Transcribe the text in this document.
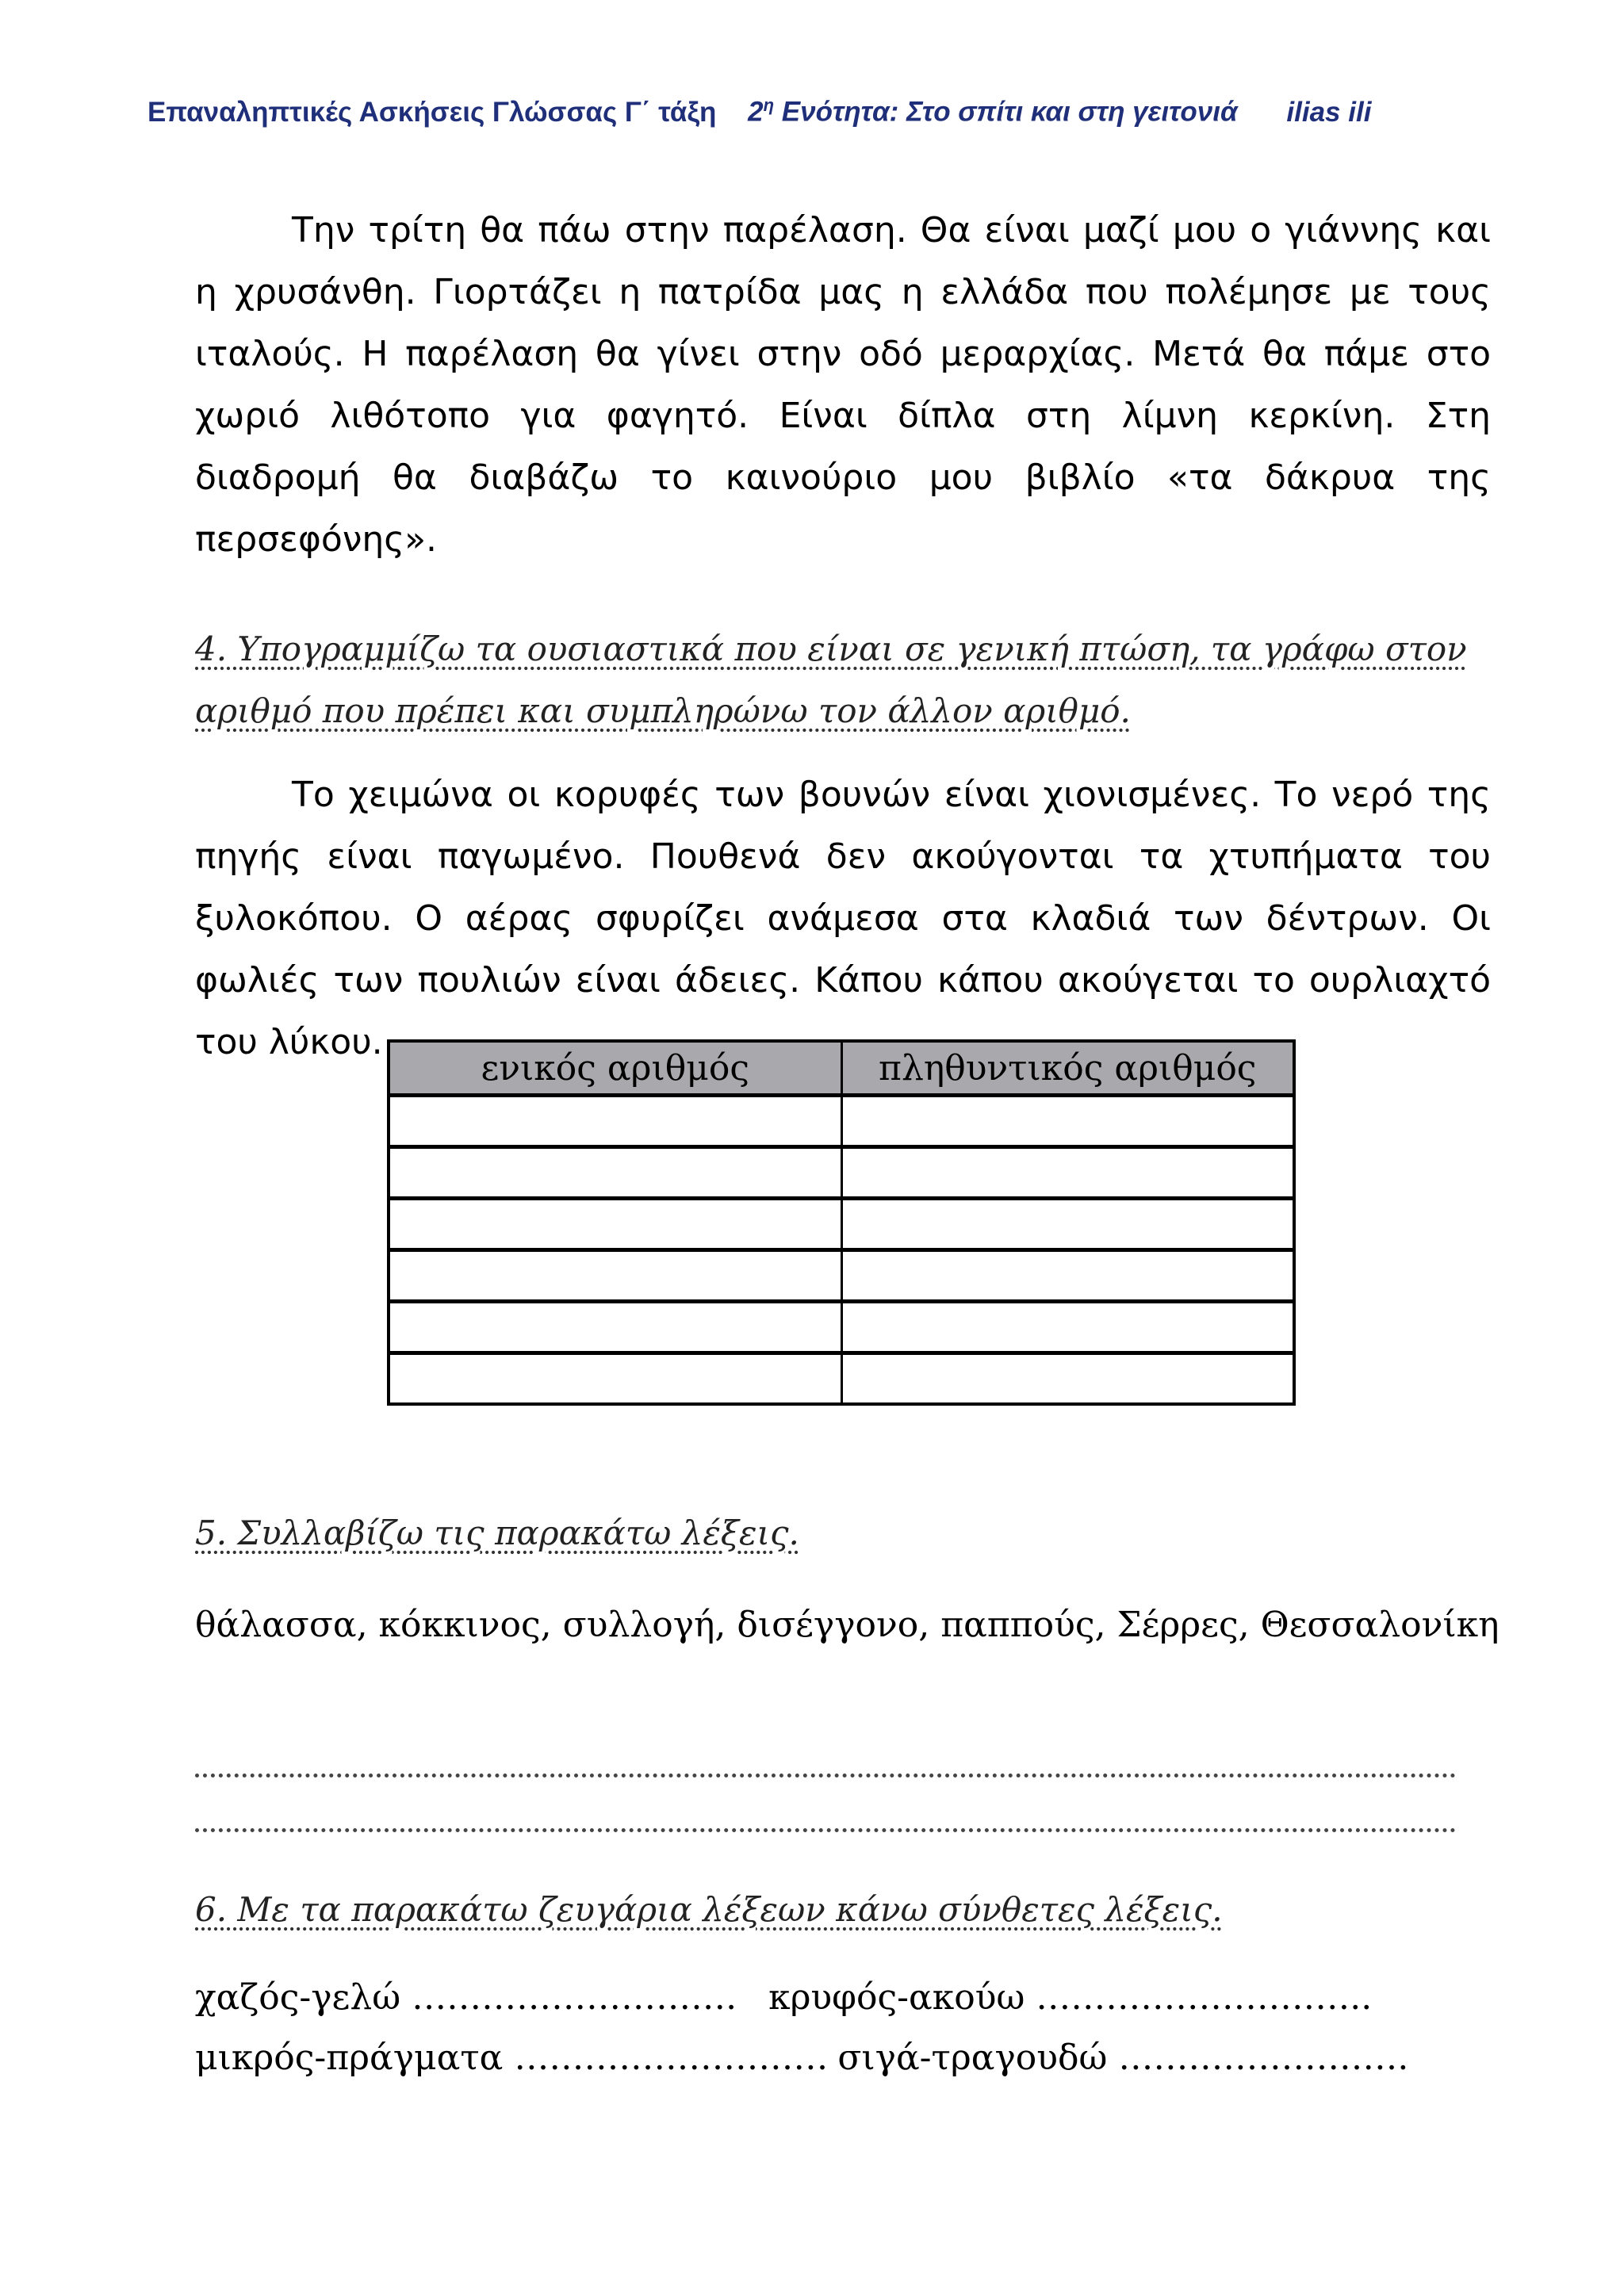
Επαναληπτικές Ασκήσεις Γλώσσας Γ΄ τάξη $2^\eta$ Ενότητα: Στο σπίτι και στη γειτονιά ilias ili
Την τρίτη θα πάω στην παρέλαση. Θα είναι μαζί μου ο γιάννης και η χρυσάνθη. Γιορτάζει η πατρίδα μας η ελλάδα που πολέμησε με τους ιταλούς. Η παρέλαση θα γίνει στην οδό μεραρχίας. Μετά θα πάμε στο χωριό λιθότοπο για φαγητό. Είναι δίπλα στη λίμνη κερκίνη. Στη διαδρομή θα διαβάζω το καινούριο μου βιβλίο «τα δάκρυα της περσεφόνης».
4. Υπογραμμίζω τα ουσιαστικά που είναι σε γενική πτώση, τα γράφω στον αριθμό που πρέπει και συμπληρώνω τον άλλον αριθμό.
Το χειμώνα οι κορυφές των βουνών είναι χιονισμένες. Το νερό της πηγής είναι παγωμένο. Πουθενά δεν ακούγονται τα χτυπήματα του ξυλοκόπου. Ο αέρας σφυρίζει ανάμεσα στα κλαδιά των δέντρων. Οι φωλιές των πουλιών είναι άδειες. Κάπου κάπου ακούγεται το ουρλιαχτό του λύκου.
ενικός αριθμός	πληθυντικός αριθμός

5. Συλλαβίζω τις παρακάτω λέξεις.
θάλασσα, κόκκινος, συλλογή, δισέγγονο, παππούς, Σέρρες, Θεσσαλονίκη
6. Με τα παρακάτω ζευγάρια λέξεων κάνω σύνθετες λέξεις.
χαζός-γελώ ………………………. κρυφός-ακούω ………………………..
μικρός-πράγματα ……………………… σιγά-τραγουδώ …………………….
